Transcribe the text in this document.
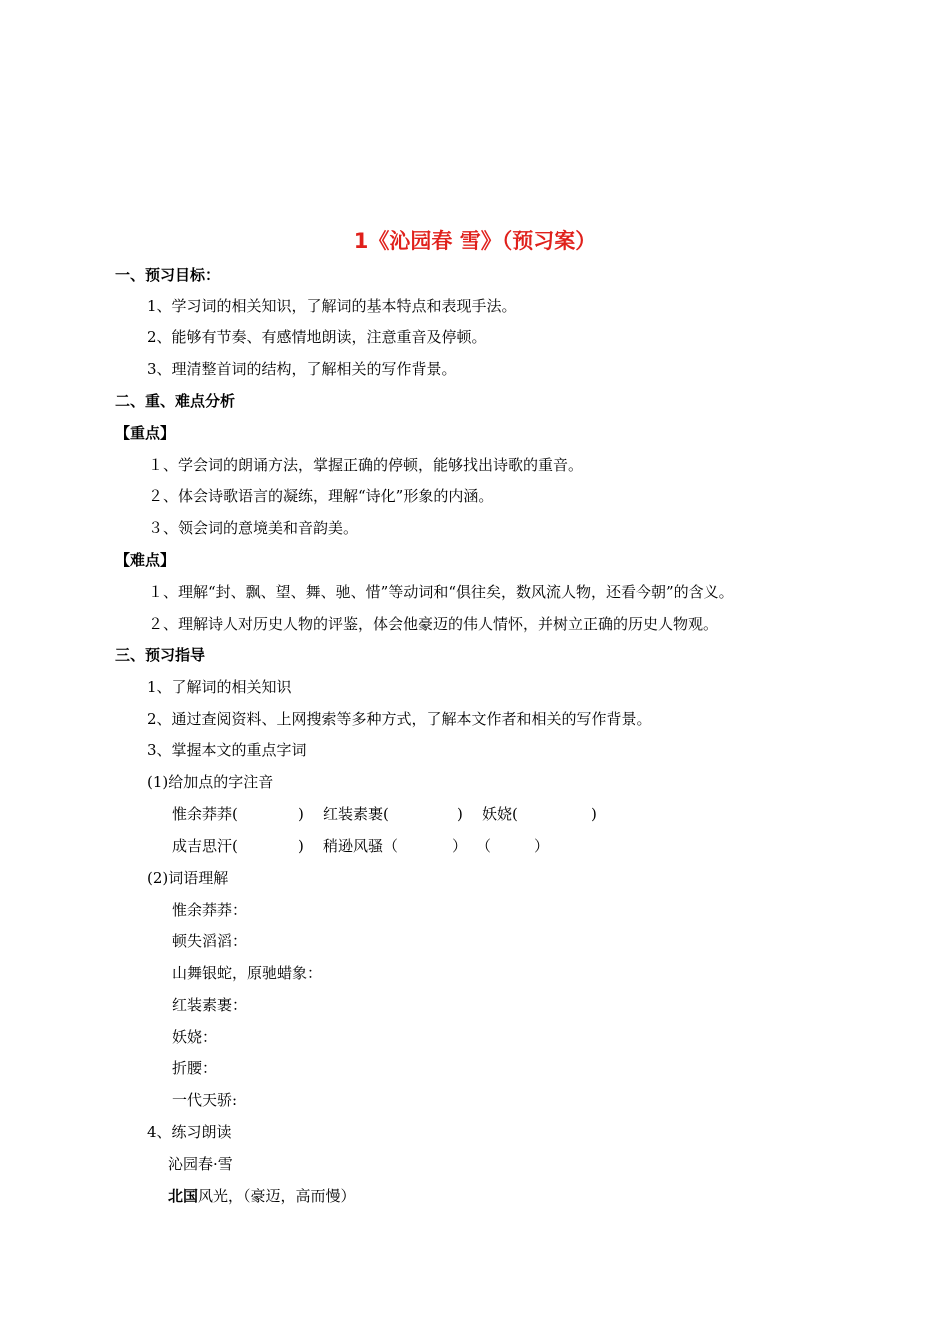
1《沁园春 雪》（预习案）
一、预习目标：
1、学习词的相关知识，了解词的基本特点和表现手法。
2、能够有节奏、有感情地朗读，注意重音及停顿。
3、理清整首词的结构，了解相关的写作背景。
二、重、难点分析
【重点】
１、学会词的朗诵方法，掌握正确的停顿，能够找出诗歌的重音。
２、体会诗歌语言的凝练，理解“诗化”形象的内涵。
３、领会词的意境美和音韵美。
【难点】
１、理解“封、飘、望、舞、驰、惜”等动词和“俱往矣，数风流人物，还看今朝”的含义。
２、理解诗人对历史人物的评鉴，体会他豪迈的伟人情怀，并树立正确的历史人物观。
三、预习指导
1、了解词的相关知识
2、通过查阅资料、上网搜索等多种方式，了解本文作者和相关的写作背景。
3、掌握本文的重点字词
(1)给加点的字注音
惟余莽莽(	) 红装素裹(	) 妖娆(	)
成吉思汗(	) 稍逊风骚（	） （	）
(2)词语理解
惟余莽莽：
顿失滔滔：
山舞银蛇，原驰蜡象：
红装素裹：
妖娆：
折腰：
一代天骄:
4、练习朗读
沁园春·雪
北国风光，（豪迈，高而慢）
